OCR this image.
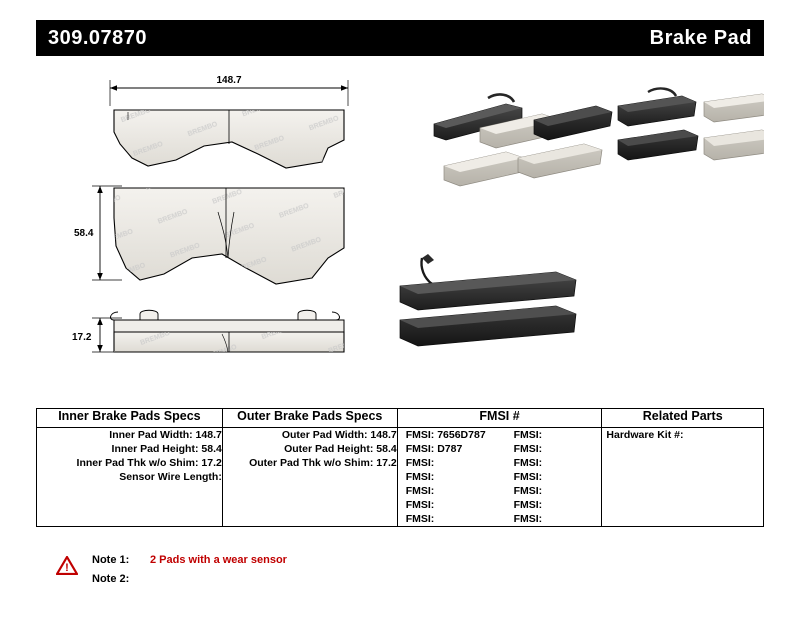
309.07870	Brake Pad
148.7
58.4
17.2
Inner Brake Pads Specs	Outer Brake Pads Specs	FMSI #	Related Parts

Inner Pad Width: 148.7
Inner Pad Height: 58.4
Inner Pad Thk w/o Shim: 17.2
Sensor Wire Length:

Outer Pad Width: 148.7
Outer Pad Height: 58.4
Outer Pad Thk w/o Shim: 17.2

FMSI: 7656D787	FMSI:
FMSI: D787	FMSI:
FMSI:	FMSI:
FMSI:	FMSI:
FMSI:	FMSI:
FMSI:	FMSI:
FMSI:	FMSI:

Hardware Kit #:
!
Note 1:	2 Pads with a wear sensor
Note 2:
